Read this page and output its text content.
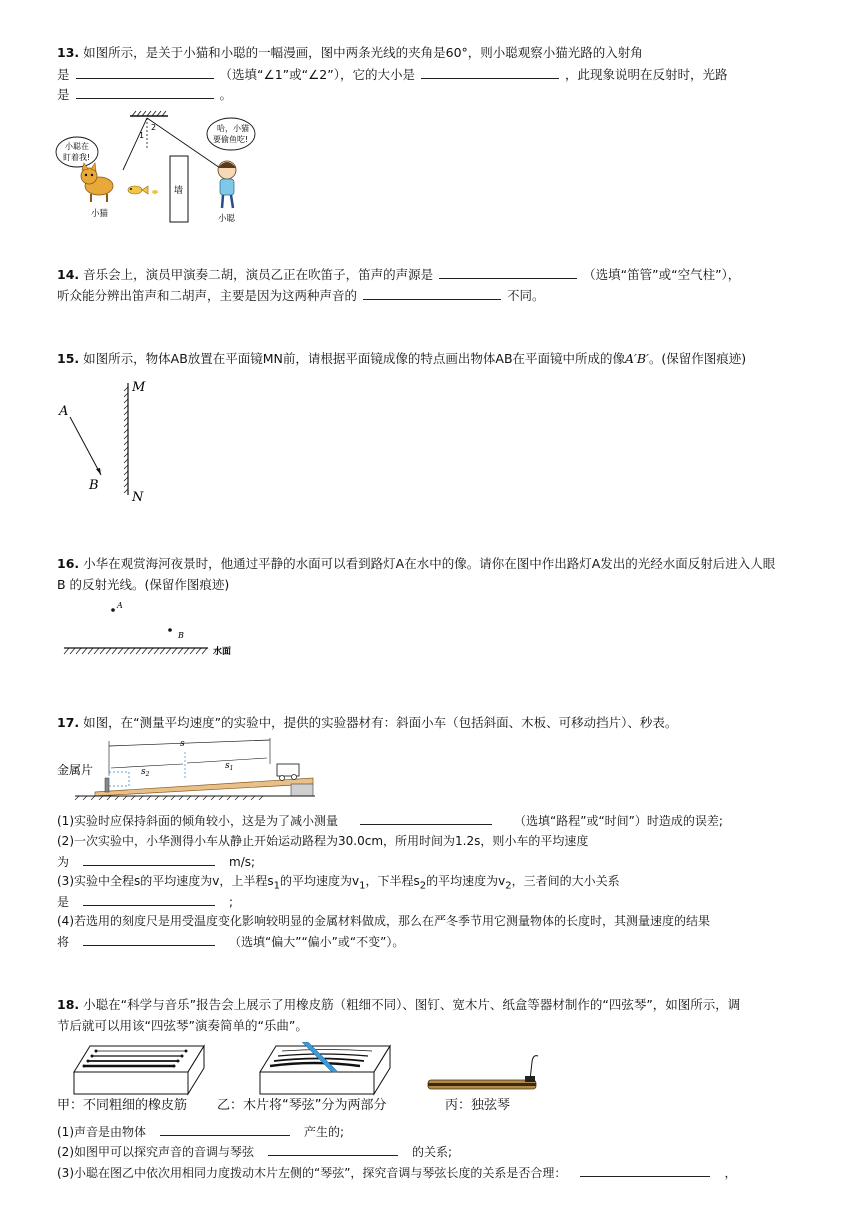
13. 如图所示，是关于小猫和小聪的一幅漫画，图中两条光线的夹角是60°，则小聪观察小猫光路的入射角
是	（选填“∠1”或“∠2”），它的大小是	，此现象说明在反射时，光路
是	。
1
2
墙
小聪在
盯着我!
哈，小猫
要偷鱼吃!
小猫	小聪
14. 音乐会上，演员甲演奏二胡，演员乙正在吹笛子，笛声的声源是	（选填“笛管”或“空气柱”），
听众能分辨出笛声和二胡声，主要是因为这两种声音的	不同。
15. 如图所示，物体AB放置在平面镜MN前，请根据平面镜成像的特点画出物体AB在平面镜中所成的像A′B′。(保留作图痕迹)
A
B
M
N
16. 小华在观赏海河夜景时，他通过平静的水面可以看到路灯A在水中的像。请你在图中作出路灯A发出的光经水面反射后进入人眼
B 的反射光线。(保留作图痕迹)
A
B
水面
17. 如图，在“测量平均速度”的实验中，提供的实验器材有：斜面小车（包括斜面、木板、可移动挡片）、秒表。
金属片
s
$s_2$
$s_1$
(1)实验时应保持斜面的倾角较小，这是为了减小测量	（选填“路程”或“时间”）时造成的误差;
(2)一次实验中，小华测得小车从静止开始运动路程为30.0cm，所用时间为1.2s，则小车的平均速度
为	m/s;
(3)实验中全程s的平均速度为v，上半程$s_1$的平均速度为$v_1$，下半程$s_2$的平均速度为$v_2$，三者间的大小关系
是	;
(4)若选用的刻度尺是用受温度变化影响较明显的金属材料做成，那么在严冬季节用它测量物体的长度时，其测量速度的结果
将	（选填“偏大”“偏小”或“不变”）。
18. 小聪在“科学与音乐”报告会上展示了用橡皮筋（粗细不同）、图钉、宽木片、纸盒等器材制作的“四弦琴”，如图所示，调
节后就可以用该“四弦琴”演奏简单的“乐曲”。
甲：不同粗细的橡皮筋 乙：木片将“琴弦”分为两部分	丙：独弦琴
(1)声音是由物体	产生的;
(2)如图甲可以探究声音的音调与琴弦	的关系;
(3)小聪在图乙中依次用相同力度拨动木片左侧的“琴弦”，探究音调与琴弦长度的关系是否合理：	，
